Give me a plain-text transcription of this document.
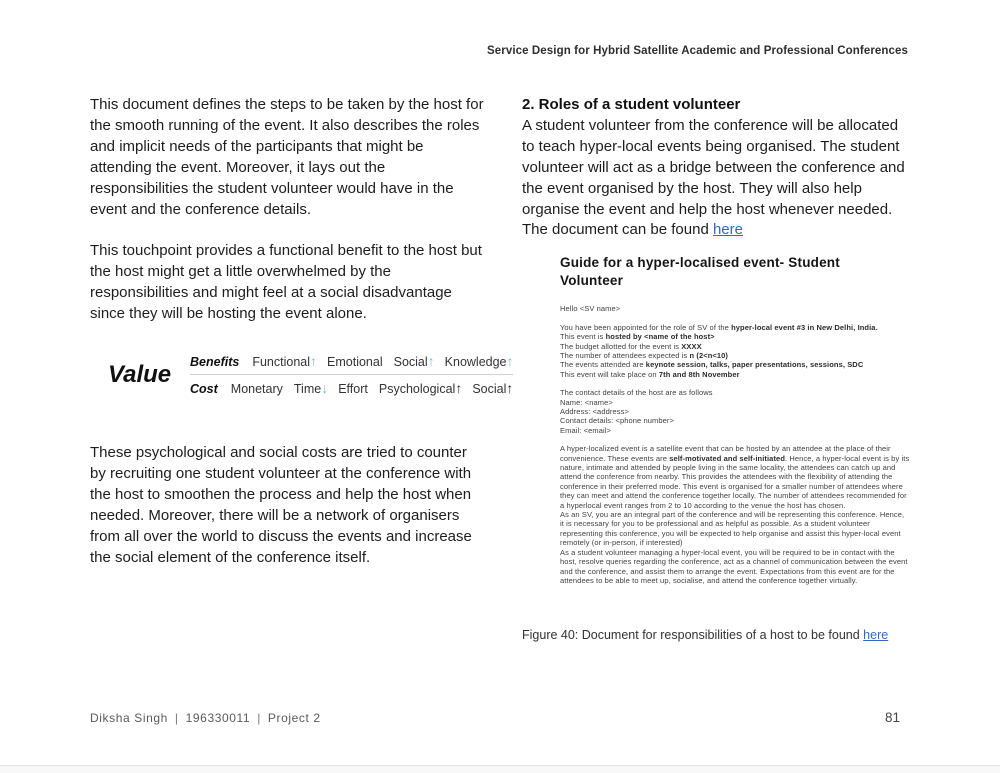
Service Design for Hybrid Satellite Academic and Professional Conferences
This document defines the steps to be taken by the host for the smooth running of the event. It also describes the roles and implicit needs of the participants that might be attending the event. Moreover, it lays out the responsibilities the student volunteer would have in the event and the conference details.
This touchpoint provides a functional benefit to the host but the host might get a little overwhelmed by the responsibilities and might feel at a social disadvantage since they will be hosting the event alone.
Value	Benefits Functional↑ Emotional Social↑ Knowledge↑
Cost Monetary Time↓ Effort Psychological↑ Social↑
These psychological and social costs are tried to counter by recruiting one student volunteer at the conference with the host to smoothen the process and help the host when needed. Moreover, there will be a network of organisers from all over the world to discuss the events and increase the social element of the conference itself.
2. Roles of a student volunteer
A student volunteer from the conference will be allocated to teach hyper-local events being organised. The student volunteer will act as a bridge between the conference and the event organised by the host. They will also help organise the event and help the host whenever needed. The document can be found here
Guide for a hyper-localised event- Student Volunteer
Hello <SV name>
You have been appointed for the role of SV of the hyper-local event #3 in New Delhi, India.
This event is hosted by <name of the host>
The budget allotted for the event is XXXX
The number of attendees expected is n (2<n<10)
The events attended are keynote session, talks, paper presentations, sessions, SDC
This event will take place on 7th and 8th November
The contact details of the host are as follows
Name: <name>
Address: <address>
Contact details: <phone number>
Email: <email>
A hyper-localized event is a satellite event that can be hosted by an attendee at the place of their convenience. These events are self-motivated and self-initiated. Hence, a hyper-local event is by its nature, intimate and attended by people living in the same locality, the attendees can catch up and attend the conference from nearby. This provides the attendees with the flexibility of attending the conference in their preferred mode. This event is organised for a smaller number of attendees where they can meet and attend the conference together locally. The number of attendees recommended for a hyperlocal event ranges from 2 to 10 according to the venue the host has chosen.
As an SV, you are an integral part of the conference and will be representing this conference. Hence, it is necessary for you to be professional and as helpful as possible. As a student volunteer representing this conference, you will be expected to help organise and assist this hyper-local event remotely (or in-person, if interested)
As a student volunteer managing a hyper-local event, you will be required to be in contact with the host, resolve queries regarding the conference, act as a channel of communication between the event and the conference, and assist them to arrange the event. Expectations from this event are for the attendees to be able to meet up, socialise, and attend the conference together virtually.
Figure 40: Document for responsibilities of a host to be found here
Diksha Singh | 196330011 | Project 2	81
